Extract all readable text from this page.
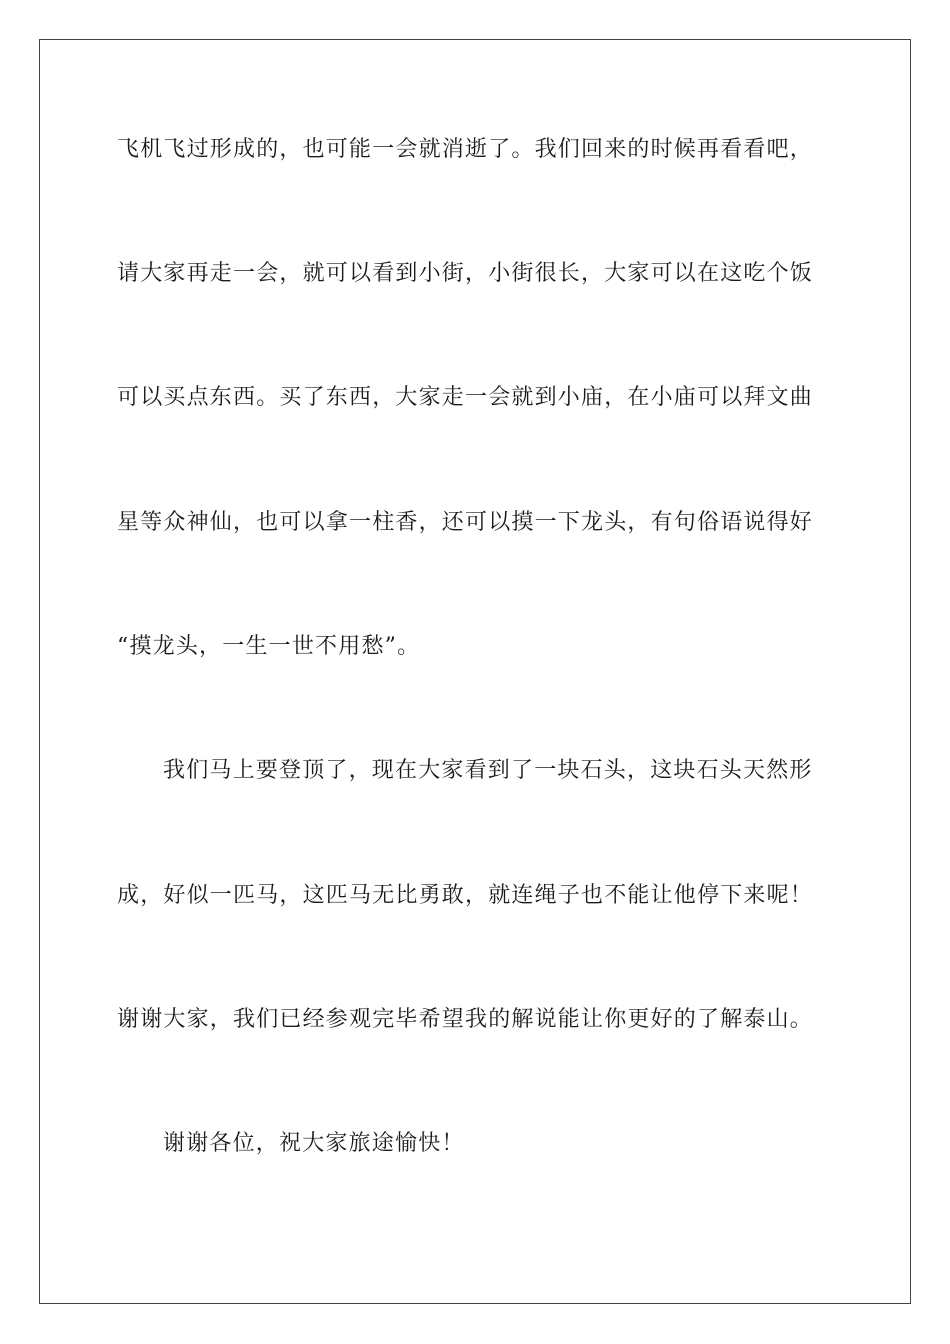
飞机飞过形成的，也可能一会就消逝了。我们回来的时候再看看吧，
请大家再走一会，就可以看到小街，小街很长，大家可以在这吃个饭
可以买点东西。买了东西，大家走一会就到小庙，在小庙可以拜文曲
星等众神仙，也可以拿一柱香，还可以摸一下龙头，有句俗语说得好
“摸龙头，一生一世不用愁”。
我们马上要登顶了，现在大家看到了一块石头，这块石头天然形
成，好似一匹马，这匹马无比勇敢，就连绳子也不能让他停下来呢！
谢谢大家，我们已经参观完毕希望我的解说能让你更好的了解泰山。
谢谢各位，祝大家旅途愉快！
